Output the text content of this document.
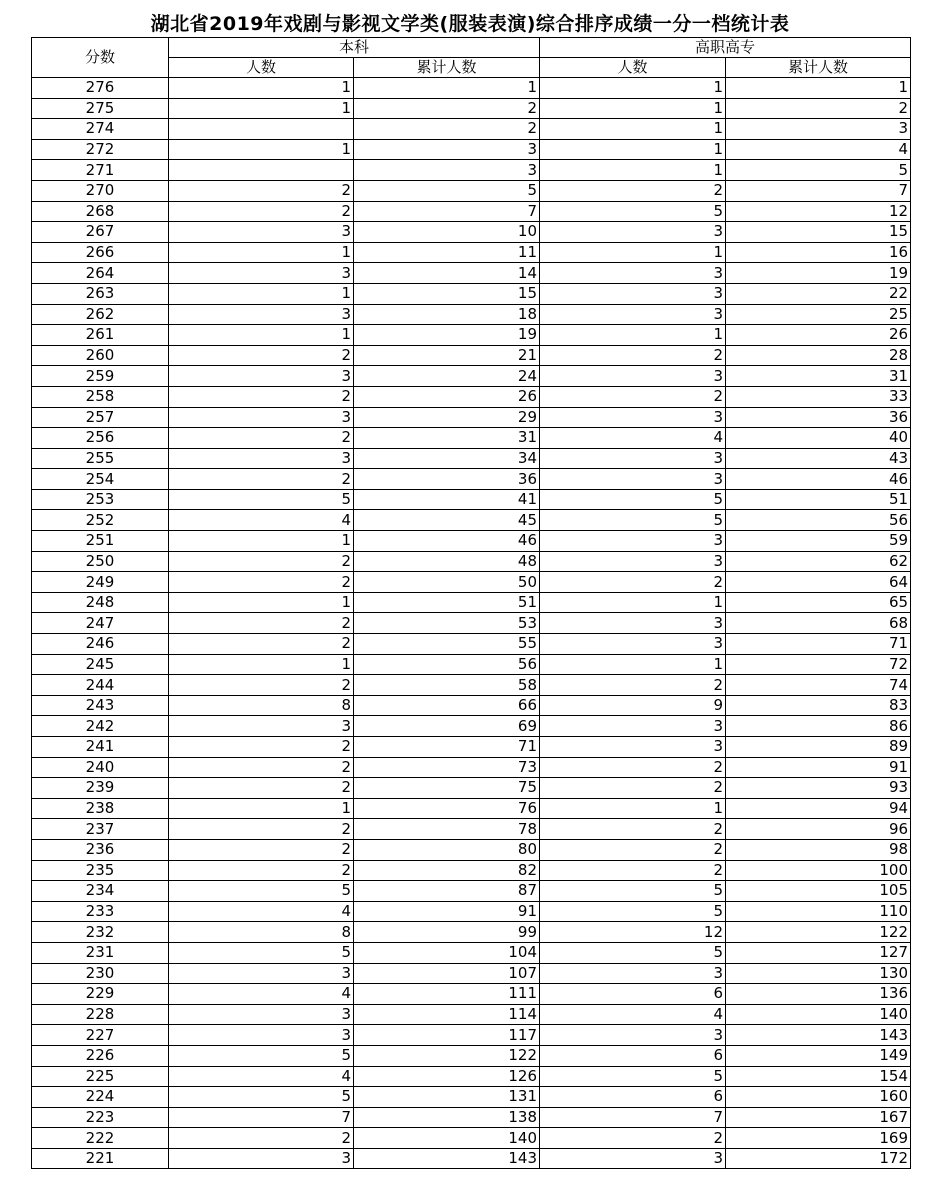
湖北省2019年戏剧与影视文学类(服装表演)综合排序成绩一分一档统计表
分数	本科		高职高专	
	人数	累计人数	人数	累计人数
276	1	1	1	1
275	1	2	1	2
274		2	1	3
272	1	3	1	4
271		3	1	5
270	2	5	2	7
268	2	7	5	12
267	3	10	3	15
266	1	11	1	16
264	3	14	3	19
263	1	15	3	22
262	3	18	3	25
261	1	19	1	26
260	2	21	2	28
259	3	24	3	31
258	2	26	2	33
257	3	29	3	36
256	2	31	4	40
255	3	34	3	43
254	2	36	3	46
253	5	41	5	51
252	4	45	5	56
251	1	46	3	59
250	2	48	3	62
249	2	50	2	64
248	1	51	1	65
247	2	53	3	68
246	2	55	3	71
245	1	56	1	72
244	2	58	2	74
243	8	66	9	83
242	3	69	3	86
241	2	71	3	89
240	2	73	2	91
239	2	75	2	93
238	1	76	1	94
237	2	78	2	96
236	2	80	2	98
235	2	82	2	100
234	5	87	5	105
233	4	91	5	110
232	8	99	12	122
231	5	104	5	127
230	3	107	3	130
229	4	111	6	136
228	3	114	4	140
227	3	117	3	143
226	5	122	6	149
225	4	126	5	154
224	5	131	6	160
223	7	138	7	167
222	2	140	2	169
221	3	143	3	172
